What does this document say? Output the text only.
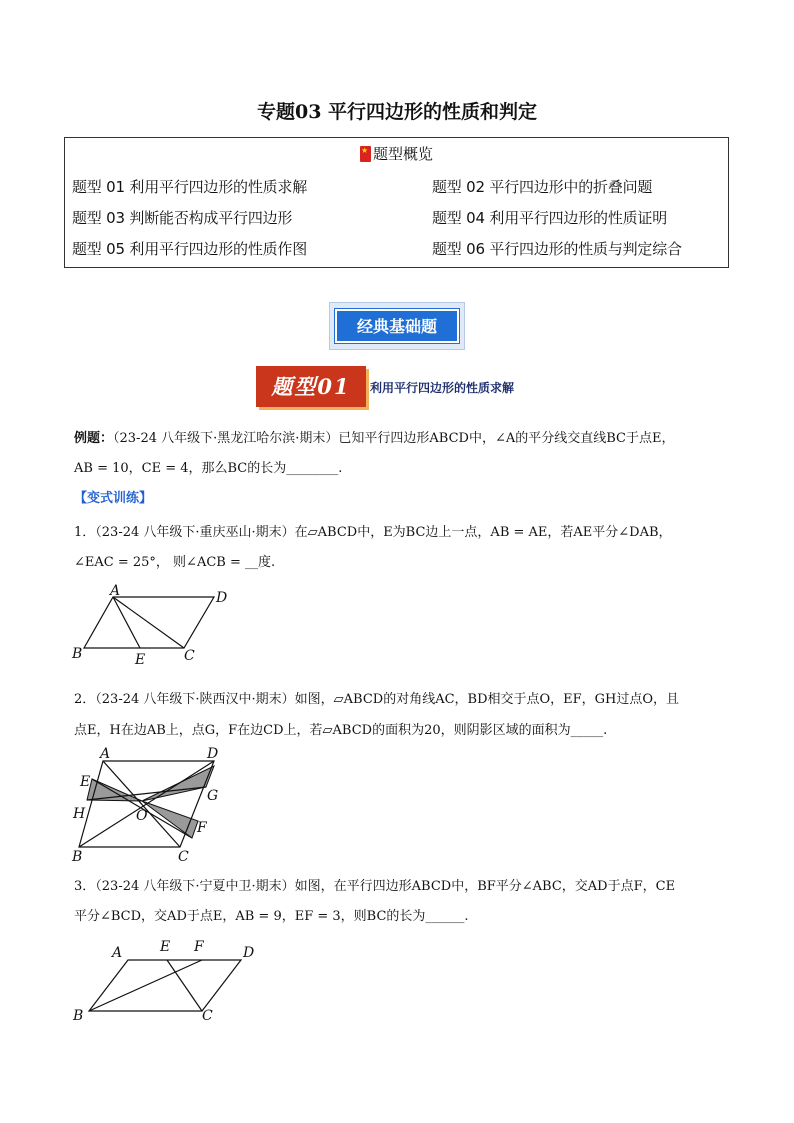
专题03 平行四边形的性质和判定
★题型概览
题型 01 利用平行四边形的性质求解	题型 02 平行四边形中的折叠问题
题型 03 判断能否构成平行四边形	题型 04 利用平行四边形的性质证明
题型 05 利用平行四边形的性质作图	题型 06 平行四边形的性质与判定综合
经典基础题
题型01	利用平行四边形的性质求解
例题：（23-24 八年级下·黑龙江哈尔滨·期末）已知平行四边形ABCD中，∠A的平分线交直线BC于点E，
AB = 10，CE = 4，那么BC的长为________.
【变式训练】
1．（23-24 八年级下·重庆巫山·期末）在▱ABCD中，E为BC边上一点，AB = AE，若AE平分∠DAB，
∠EAC = 25°， 则∠ACB = __度.
A	D
B	E	C
2．（23-24 八年级下·陕西汉中·期末）如图，▱ABCD的对角线AC，BD相交于点O，EF，GH过点O，且
点E，H在边AB上，点G，F在边CD上，若▱ABCD的面积为20，则阴影区域的面积为_____.
A	D
E
G
H	O
F
B	C
3．（23-24 八年级下·宁夏中卫·期末）如图，在平行四边形ABCD中，BF平分∠ABC，交AD于点F，CE
平分∠BCD，交AD于点E，AB = 9，EF = 3，则BC的长为______.
A	E F	D
B	C
